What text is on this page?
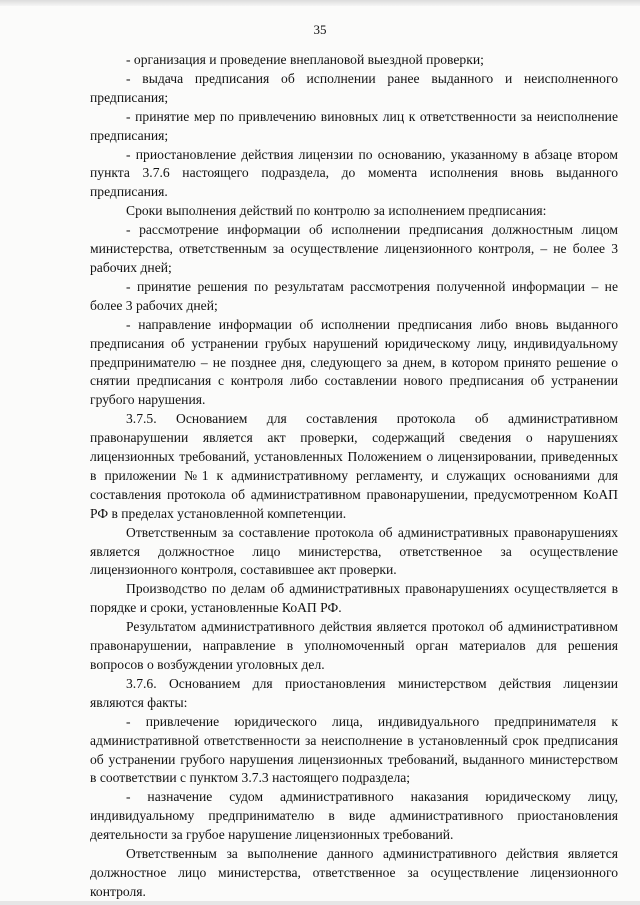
35

- организация и проведение внеплановой выездной проверки;

- выдача предписания об исполнении ранее выданного и неисполненного предписания;

- принятие мер по привлечению виновных лиц к ответственности за неисполнение предписания;

- приостановление действия лицензии по основанию, указанному в абзаце втором пункта 3.7.6 настоящего подраздела, до момента исполнения вновь выданного предписания.

Сроки выполнения действий по контролю за исполнением предписания:

- рассмотрение информации об исполнении предписания должностным лицом министерства, ответственным за осуществление лицензионного контроля, – не более 3 рабочих дней;

- принятие решения по результатам рассмотрения полученной информации – не более 3 рабочих дней;

- направление информации об исполнении предписания либо вновь выданного предписания об устранении грубых нарушений юридическому лицу, индивидуальному предпринимателю – не позднее дня, следующего за днем, в котором принято решение о снятии предписания с контроля либо составлении нового предписания об устранении грубого нарушения.

3.7.5. Основанием для составления протокола об административном правонарушении является акт проверки, содержащий сведения о нарушениях лицензионных требований, установленных Положением о лицензировании, приведенных в приложении №1 к административному регламенту, и служащих основаниями для составления протокола об административном правонарушении, предусмотренном КоАП РФ в пределах установленной компетенции.

Ответственным за составление протокола об административных правонарушениях является должностное лицо министерства, ответственное за осуществление лицензионного контроля, составившее акт проверки.

Производство по делам об административных правонарушениях осуществляется в порядке и сроки, установленные КоАП РФ.

Результатом административного действия является протокол об административном правонарушении, направление в уполномоченный орган материалов для решения вопросов о возбуждении уголовных дел.

3.7.6. Основанием для приостановления министерством действия лицензии являются факты:

- привлечение юридического лица, индивидуального предпринимателя к административной ответственности за неисполнение в установленный срок предписания об устранении грубого нарушения лицензионных требований, выданного министерством в соответствии с пунктом 3.7.3 настоящего подраздела;

- назначение судом административного наказания юридическому лицу, индивидуальному предпринимателю в виде административного приостановления деятельности за грубое нарушение лицензионных требований.

Ответственным за выполнение данного административного действия является должностное лицо министерства, ответственное за осуществление лицензионного контроля.
